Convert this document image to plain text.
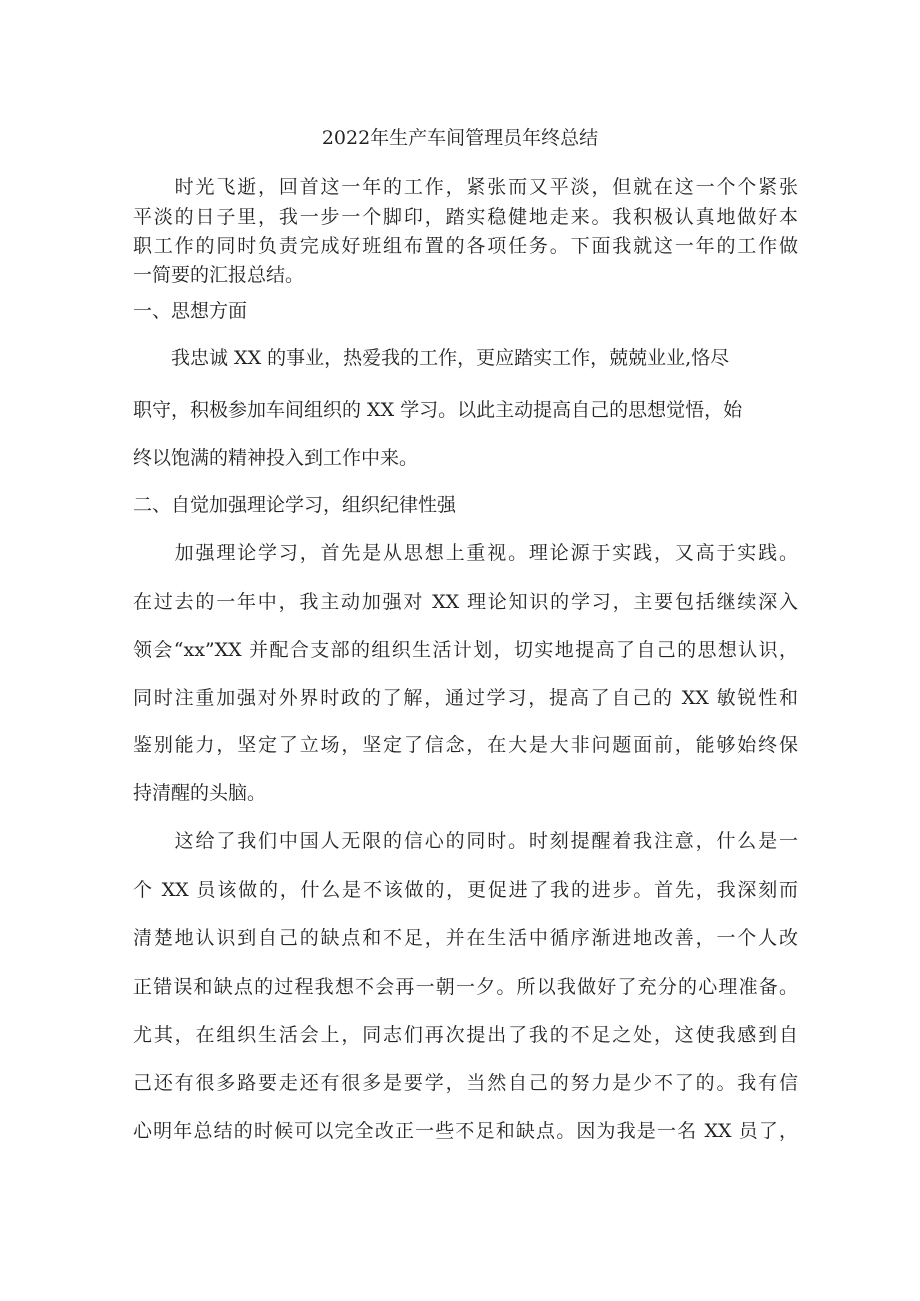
2022年生产车间管理员年终总结
　　时光飞逝，回首这一年的工作，紧张而又平淡，但就在这一个个紧张
平淡的日子里，我一步一个脚印，踏实稳健地走来。我积极认真地做好本
职工作的同时负责完成好班组布置的各项任务。下面我就这一年的工作做
一简要的汇报总结。
一、思想方面
　　我忠诚 XX 的事业，热爱我的工作，更应踏实工作，兢兢业业,恪尽
职守，积极参加车间组织的 XX 学习。以此主动提高自己的思想觉悟，始
终以饱满的精神投入到工作中来。
二、自觉加强理论学习，组织纪律性强
　　加强理论学习，首先是从思想上重视。理论源于实践，又高于实践。
在过去的一年中，我主动加强对 XX 理论知识的学习，主要包括继续深入
领会“xx”XX 并配合支部的组织生活计划，切实地提高了自己的思想认识，
同时注重加强对外界时政的了解，通过学习，提高了自己的 XX 敏锐性和
鉴别能力，坚定了立场，坚定了信念，在大是大非问题面前，能够始终保
持清醒的头脑。
　　这给了我们中国人无限的信心的同时。时刻提醒着我注意，什么是一
个 XX 员该做的，什么是不该做的，更促进了我的进步。首先，我深刻而
清楚地认识到自己的缺点和不足，并在生活中循序渐进地改善，一个人改
正错误和缺点的过程我想不会再一朝一夕。所以我做好了充分的心理准备。
尤其，在组织生活会上，同志们再次提出了我的不足之处，这使我感到自
己还有很多路要走还有很多是要学，当然自己的努力是少不了的。我有信
心明年总结的时候可以完全改正一些不足和缺点。因为我是一名 XX 员了，
